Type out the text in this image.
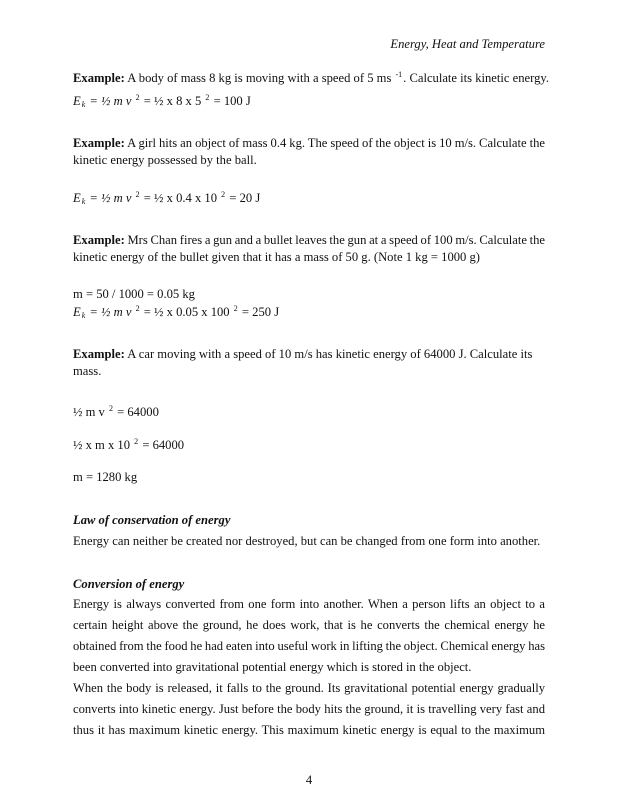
Energy, Heat and Temperature
Example: A body of mass 8 kg is moving with a speed of 5 ms $^{-1}$. Calculate its kinetic energy.
$E_k$ = ½ m v $^2$ = ½ x 8 x 5 $^2$ = 100 J
Example: A girl hits an object of mass 0.4 kg. The speed of the object is 10 m/s. Calculate the
kinetic energy possessed by the ball.
$E_k$ = ½ m v $^2$ = ½ x 0.4 x 10 $^2$ = 20 J
Example: Mrs Chan fires a gun and a bullet leaves the gun at a speed of 100 m/s. Calculate the
kinetic energy of the bullet given that it has a mass of 50 g. (Note 1 kg = 1000 g)
m = 50 / 1000 = 0.05 kg
$E_k$ = ½ m v $^2$ = ½ x 0.05 x 100 $^2$ = 250 J
Example: A car moving with a speed of 10 m/s has kinetic energy of 64000 J. Calculate its
mass.
½ m v $^2$ = 64000
½ x m x 10 $^2$ = 64000
m = 1280 kg
Law of conservation of energy
Energy can neither be created nor destroyed, but can be changed from one form into another.
Conversion of energy
Energy is always converted from one form into another. When a person lifts an object to a
certain height above the ground, he does work, that is he converts the chemical energy he
obtained from the food he had eaten into useful work in lifting the object. Chemical energy has
been converted into gravitational potential energy which is stored in the object.
When the body is released, it falls to the ground. Its gravitational potential energy gradually
converts into kinetic energy. Just before the body hits the ground, it is travelling very fast and
thus it has maximum kinetic energy. This maximum kinetic energy is equal to the maximum
4
